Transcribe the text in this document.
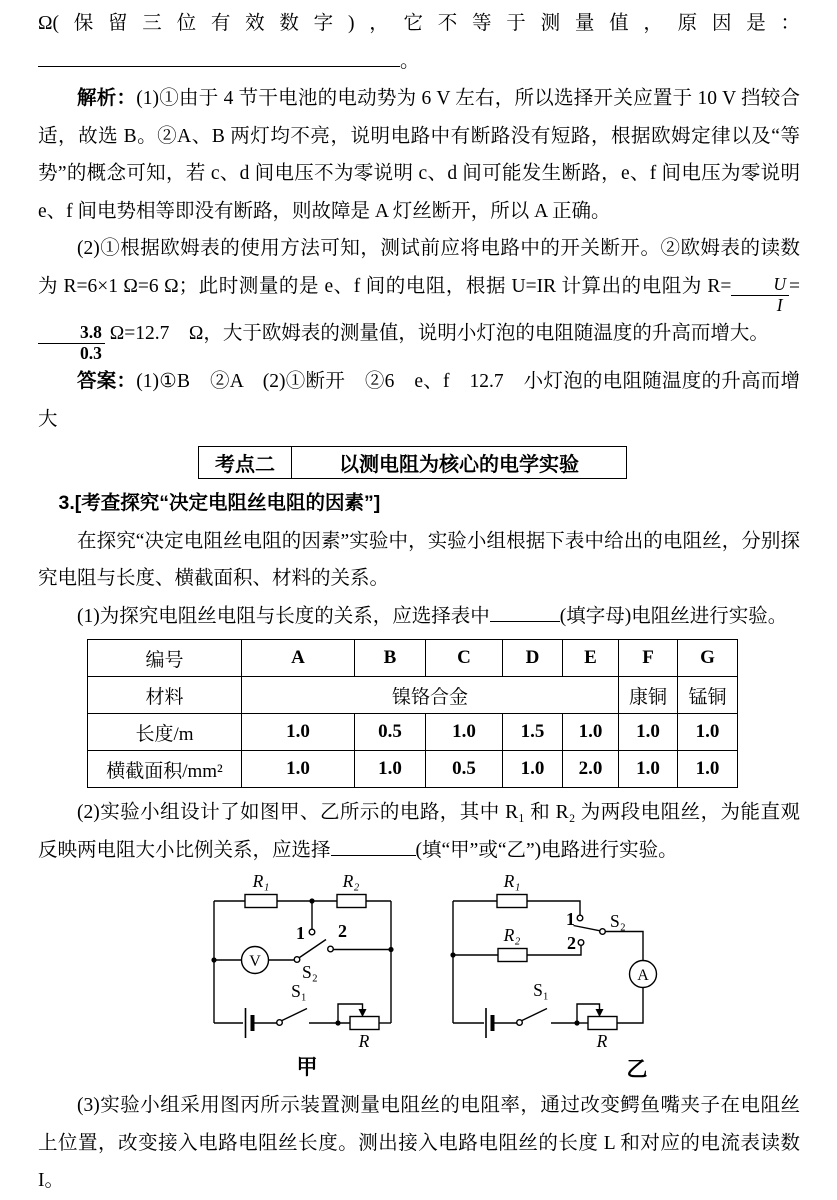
Ω(保留三位有效数字)，它不等于测量值，原因是：。

解析：(1)①由于 4 节干电池的电动势为 6 V 左右，所以选择开关应置于 10 V 挡较合适，故选 B。②A、B 两灯均不亮，说明电路中有断路没有短路，根据欧姆定律以及“等势”的概念可知，若 c、d 间电压不为零说明 c、d 间可能发生断路，e、f 间电压为零说明 e、f 间电势相等即没有断路，则故障是 A 灯丝断开，所以 A 正确。

(2)①根据欧姆表的使用方法可知，测试前应将电路中的开关断开。②欧姆表的读数为 R=6×1 Ω=6 Ω；此时测量的是 e、f 间的电阻，根据 U=IR 计算出的电阻为 $R= \frac{U}{I}$ =
$\frac{3.8}{0.3} \Omega=12.7$　Ω，大于欧姆表的测量值，说明小灯泡的电阻随温度的升高而增大。

答案：(1)①B　②A　(2)①断开　②6　e、f　12.7　小灯泡的电阻随温度的升高而增大

考点二	以测电阻为核心的电学实验

3.[考查探究“决定电阻丝电阻的因素”]

在探究“决定电阻丝电阻的因素”实验中，实验小组根据下表中给出的电阻丝，分别探究电阻与长度、横截面积、材料的关系。

(1)为探究电阻丝电阻与长度的关系，应选择表中	(填字母)电阻丝进行实验。

编号	A	B	C	D	E	F	G
材料	镍铬合金					康铜	锰铜
长度/m	1.0	0.5	1.0	1.5	1.0	1.0	1.0
横截面积/mm²	1.0	1.0	0.5	1.0	2.0	1.0	1.0

(2)实验小组设计了如图甲、乙所示的电路，其中 R₁ 和 R₂ 为两段电阻丝，为能直观反映两电阻大小比例关系，应选择	(填“甲”或“乙”)电路进行实验。

R₁	R₂
1 2
S₂
S₁
V
R
甲
R₁
R₂
1
2
S₂
S₁
A
R
乙

(3)实验小组采用图丙所示装置测量电阻丝的电阻率，通过改变鳄鱼嘴夹子在电阻丝上位置，改变接入电路电阻丝长度。测出接入电路电阻丝的长度 L 和对应的电流表读数 I。
